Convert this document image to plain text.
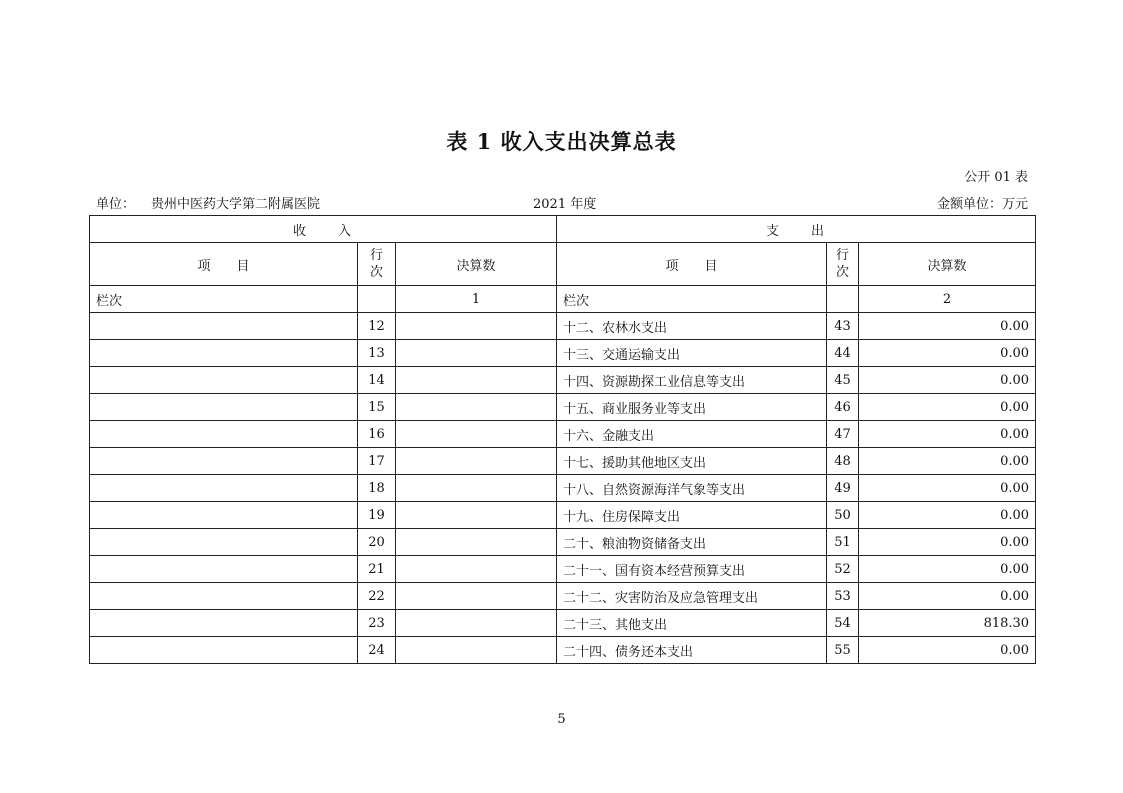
表 1 收入支出决算总表
公开 01 表
单位： 贵州中医药大学第二附属医院	2021 年度	金额单位：万元
收　　入			支　　出		
项　　目	行
次	决算数	项　　目	行
次	决算数
栏次		1	栏次		2
	12		十二、农林水支出	43	0.00
	13		十三、交通运输支出	44	0.00
	14		十四、资源勘探工业信息等支出	45	0.00
	15		十五、商业服务业等支出	46	0.00
	16		十六、金融支出	47	0.00
	17		十七、援助其他地区支出	48	0.00
	18		十八、自然资源海洋气象等支出	49	0.00
	19		十九、住房保障支出	50	0.00
	20		二十、粮油物资储备支出	51	0.00
	21		二十一、国有资本经营预算支出	52	0.00
	22		二十二、灾害防治及应急管理支出	53	0.00
	23		二十三、其他支出	54	818.30
	24		二十四、债务还本支出	55	0.00
5
